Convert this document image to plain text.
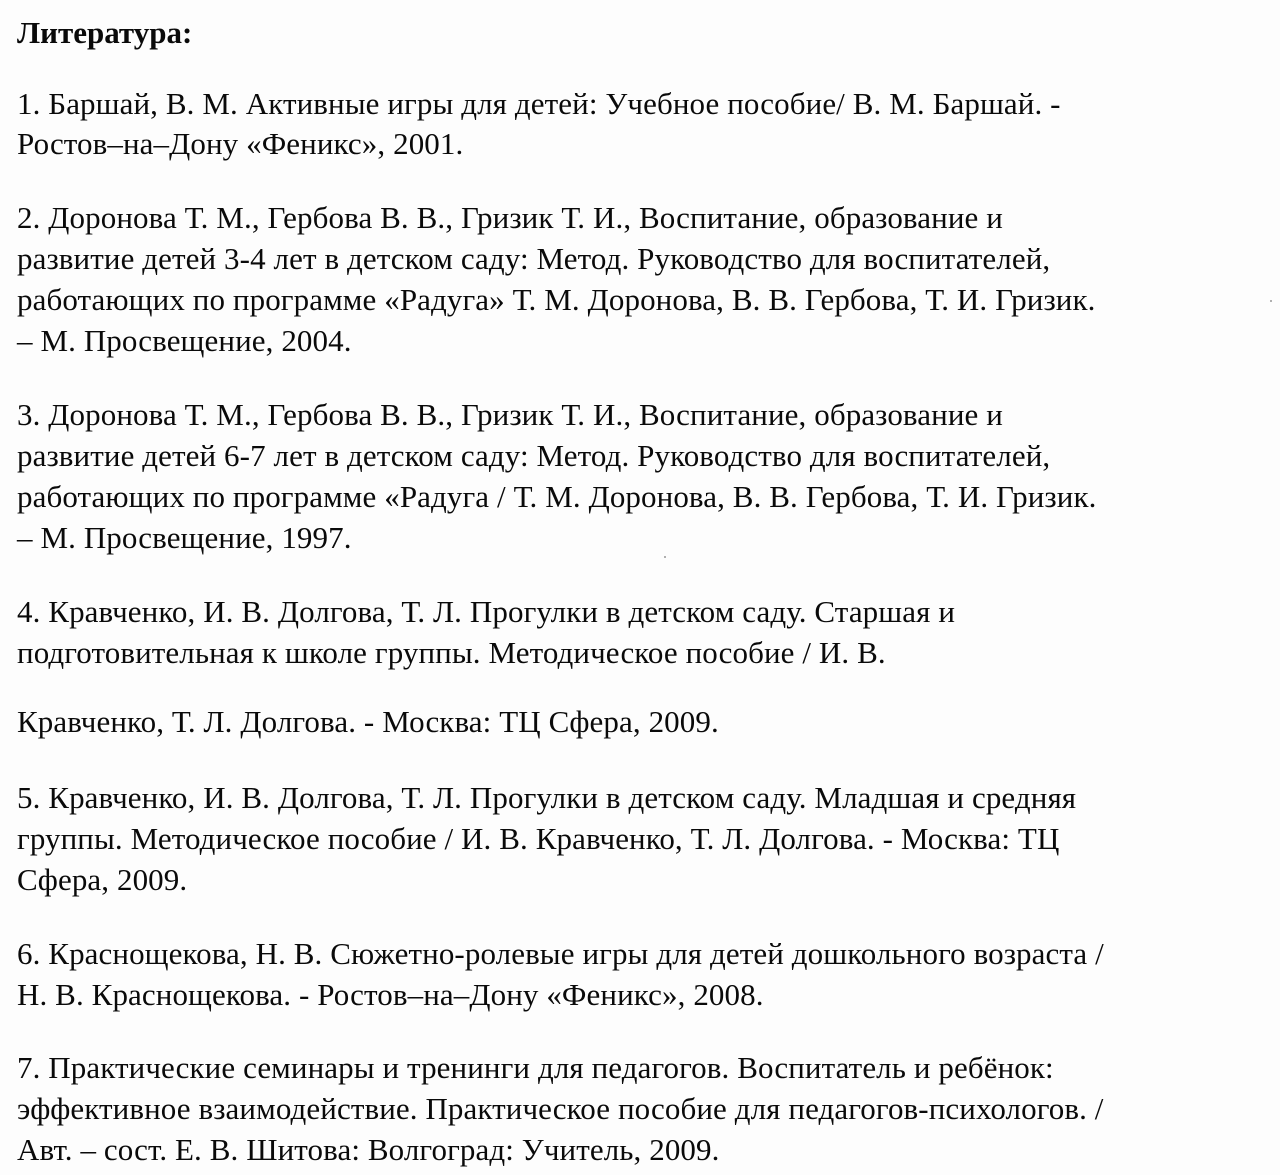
Литература:
1. Баршай, В. М. Активные игры для детей: Учебное пособие/ В. М. Баршай. -
Ростов–на–Дону «Феникс», 2001.
2. Доронова Т. М., Гербова В. В., Гризик Т. И., Воспитание, образование и
развитие детей 3-4 лет в детском саду: Метод. Руководство для воспитателей,
работающих по программе «Радуга» Т. М. Доронова, В. В. Гербова, Т. И. Гризик.
– М. Просвещение, 2004.
3. Доронова Т. М., Гербова В. В., Гризик Т. И., Воспитание, образование и
развитие детей 6-7 лет в детском саду: Метод. Руководство для воспитателей,
работающих по программе «Радуга / Т. М. Доронова, В. В. Гербова, Т. И. Гризик.
– М. Просвещение, 1997.
4. Кравченко, И. В. Долгова, Т. Л. Прогулки в детском саду. Старшая и
подготовительная к школе группы. Методическое пособие / И. В.
Кравченко, Т. Л. Долгова. - Москва: ТЦ Сфера, 2009.
5. Кравченко, И. В. Долгова, Т. Л. Прогулки в детском саду. Младшая и средняя
группы. Методическое пособие / И. В. Кравченко, Т. Л. Долгова. - Москва: ТЦ
Сфера, 2009.
6. Краснощекова, Н. В. Сюжетно-ролевые игры для детей дошкольного возраста /
Н. В. Краснощекова. - Ростов–на–Дону «Феникс», 2008.
7. Практические семинары и тренинги для педагогов. Воспитатель и ребёнок:
эффективное взаимодействие. Практическое пособие для педагогов-психологов. /
Авт. – сост. Е. В. Шитова: Волгоград: Учитель, 2009.
